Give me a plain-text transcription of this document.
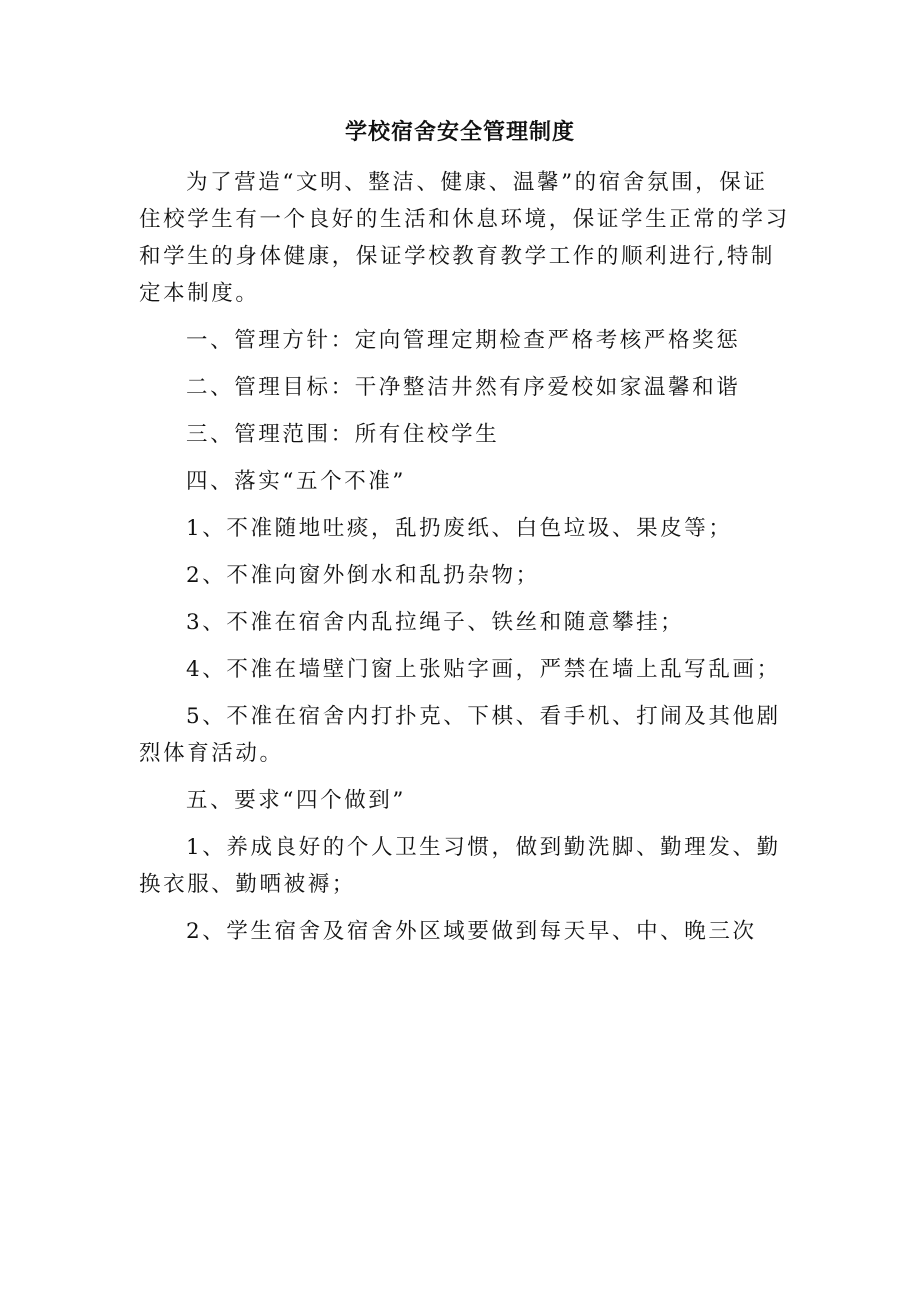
学校宿舍安全管理制度

为了营造“文明、整洁、健康、温馨”的宿舍氛围，保证住校学生有一个良好的生活和休息环境，保证学生正常的学习和学生的身体健康，保证学校教育教学工作的顺利进行,特制定本制度。

一、管理方针：定向管理定期检查严格考核严格奖惩

二、管理目标：干净整洁井然有序爱校如家温馨和谐

三、管理范围：所有住校学生

四、落实“五个不准”

1、不准随地吐痰，乱扔废纸、白色垃圾、果皮等；

2、不准向窗外倒水和乱扔杂物；

3、不准在宿舍内乱拉绳子、铁丝和随意攀挂；

4、不准在墙壁门窗上张贴字画，严禁在墙上乱写乱画；

5、不准在宿舍内打扑克、下棋、看手机、打闹及其他剧烈体育活动。

五、要求“四个做到”

1、养成良好的个人卫生习惯，做到勤洗脚、勤理发、勤换衣服、勤晒被褥；

2、学生宿舍及宿舍外区域要做到每天早、中、晚三次
